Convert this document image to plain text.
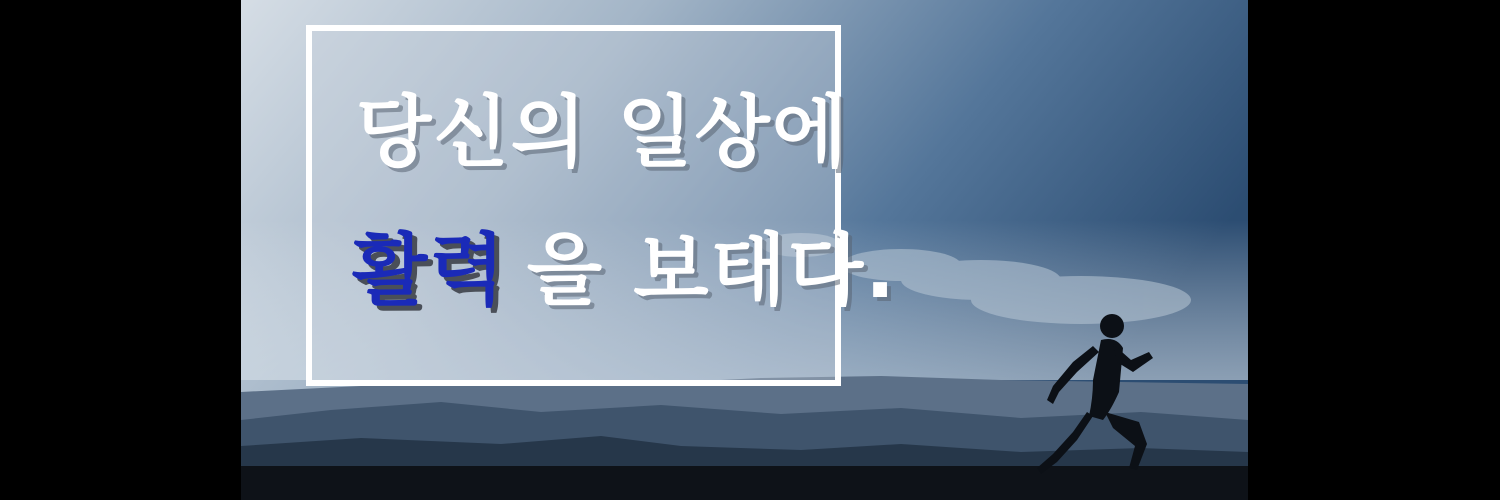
당신의 일상에
활력 을 보태다.
